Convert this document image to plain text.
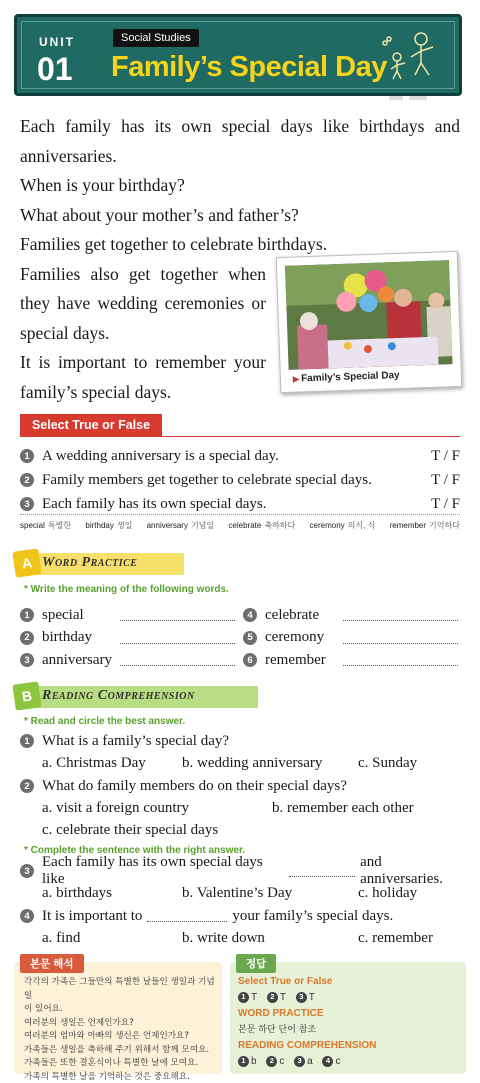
UNIT
01
Social Studies
Family’s Special Day

Each family has its own special days like birthdays and

anniversaries.

When is your birthday?

What about your mother’s and father’s?

Families get together to celebrate birthdays.

Families also get together when

they have wedding ceremonies or

special days.

It is important to remember your

family’s special days.

▶ Family’s Special Day
Select True or False
1 A wedding anniversary is a special day.	T / F
2 Family members get together to celebrate special days.	T / F
3 Each family has its own special days.	T / F
special 특별한 birthday 생일 anniversary 기념일 celebrate 축하하다 ceremony 의식, 식 remember 기억하다
A Word Practice
* Write the meaning of the following words.
1 special	4 celebrate
2 birthday	5 ceremony
3 anniversary	6 remember
B Reading Comprehension
* Read and circle the best answer.
1 What is a family’s special day?
a. Christmas Day	b. wedding anniversary	c. Sunday
2 What do family members do on their special days?
a. visit a foreign country	b. remember each other
c. celebrate their special days
* Complete the sentence with the right answer.
3
Each family has its own special days like
and anniversaries.
a. birthdays	b. Valentine’s Day	c. holiday
4 It is important to	your family’s special days.
a. find	b. write down	c. remember
본문 해석
각각의 가족은 그들만의 특별한 날들인 생일과 기념일
이 있어요.
여러분의 생일은 언제인가요?
여러분의 엄마와 아빠의 생신은 언제인가요?
가족들은 생일을 축하해 주기 위해서 함께 모여요.
가족들은 또한 결혼식이나 특별한 날에 모여요.
가족의 특별한 날을 기억하는 것은 중요해요.
정답
Select True or False
1 T 2 T 3 T
WORD PRACTICE
본문 하단 단어 참조
READING COMPREHENSION
1 b 2 c 3 a 4 c
